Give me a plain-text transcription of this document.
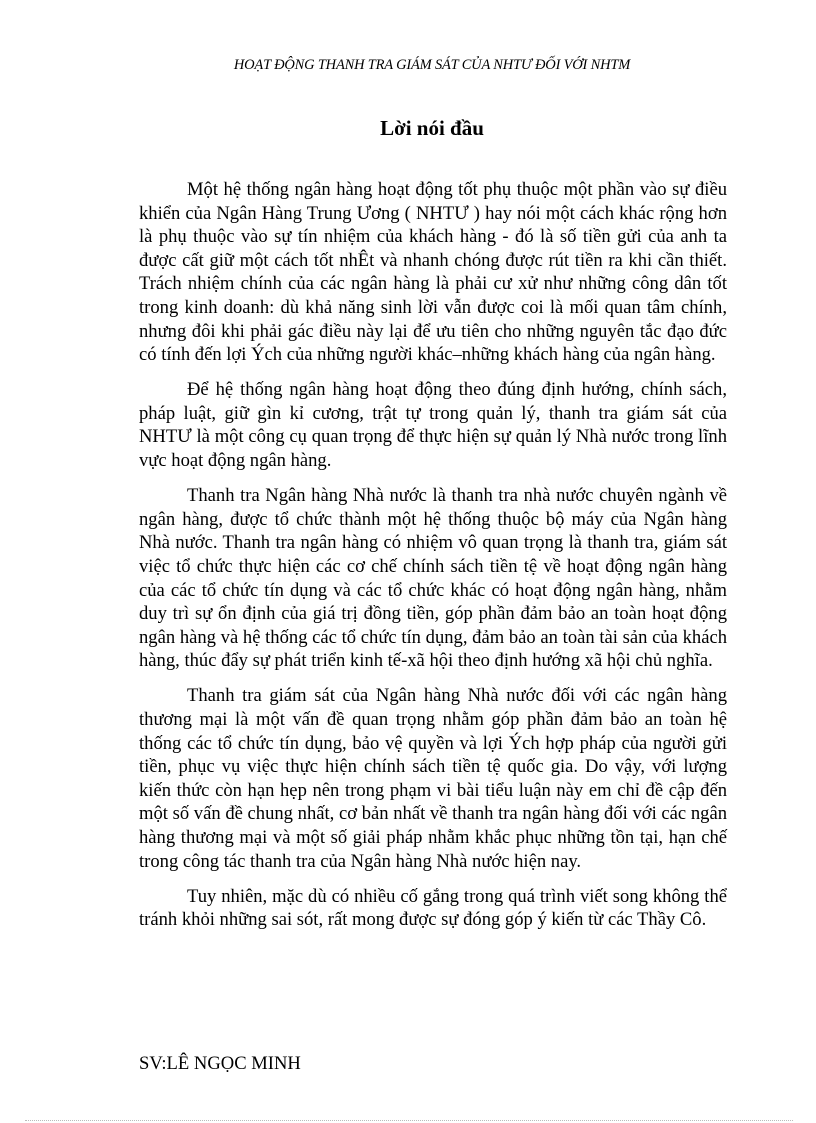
HOẠT ĐỘNG THANH TRA GIÁM SÁT CỦA NHTƯ ĐỐI VỚI NHTM
Lời nói đầu

Một hệ thống ngân hàng hoạt động tốt phụ thuộc một phần vào sự điều khiển của Ngân Hàng Trung Ương ( NHTƯ ) hay nói một cách khác rộng hơn là phụ thuộc vào sự tín nhiệm của khách hàng - đó là số tiền gửi của anh ta được cất giữ một cách tốt nhÊt và nhanh chóng được rút tiền ra khi cần thiết. Trách nhiệm chính của các ngân hàng là phải cư xử như những công dân tốt trong kinh doanh: dù khả năng sinh lời vẫn được coi là mối quan tâm chính, nhưng đôi khi phải gác điều này lại để ưu tiên cho những nguyên tắc đạo đức có tính đến lợi Ých của những người khác–những khách hàng của ngân hàng.

Để hệ thống ngân hàng hoạt động theo đúng định hướng, chính sách, pháp luật, giữ gìn kỉ cương, trật tự trong quản lý, thanh tra giám sát của NHTƯ là một công cụ quan trọng để thực hiện sự quản lý Nhà nước trong lĩnh vực hoạt động ngân hàng.

Thanh tra Ngân hàng Nhà nước là thanh tra nhà nước chuyên ngành về ngân hàng, được tổ chức thành một hệ thống thuộc bộ máy của Ngân hàng Nhà nước. Thanh tra ngân hàng có nhiệm vô quan trọng là thanh tra, giám sát việc tổ chức thực hiện các cơ chế chính sách tiền tệ về hoạt động ngân hàng của các tổ chức tín dụng và các tổ chức khác có hoạt động ngân hàng, nhằm duy trì sự ổn định của giá trị đồng tiền, góp phần đảm bảo an toàn hoạt động ngân hàng và hệ thống các tổ chức tín dụng, đảm bảo an toàn tài sản của khách hàng, thúc đẩy sự phát triển kinh tế-xã hội theo định hướng xã hội chủ nghĩa.

Thanh tra giám sát của Ngân hàng Nhà nước đối với các ngân hàng thương mại là một vấn đề quan trọng nhằm góp phần đảm bảo an toàn hệ thống các tổ chức tín dụng, bảo vệ quyền và lợi Ých hợp pháp của người gửi tiền, phục vụ việc thực hiện chính sách tiền tệ quốc gia. Do vậy, với lượng kiến thức còn hạn hẹp nên trong phạm vi bài tiểu luận này em chỉ đề cập đến một số vấn đề chung nhất, cơ bản nhất về thanh tra ngân hàng đối với các ngân hàng thương mại và một số giải pháp nhằm khắc phục những tồn tại, hạn chế trong công tác thanh tra của Ngân hàng Nhà nước hiện nay.

Tuy nhiên, mặc dù có nhiều cố gắng trong quá trình viết song không thể tránh khỏi những sai sót, rất mong được sự đóng góp ý kiến từ các Thầy Cô.

SV:LÊ NGỌC MINH
